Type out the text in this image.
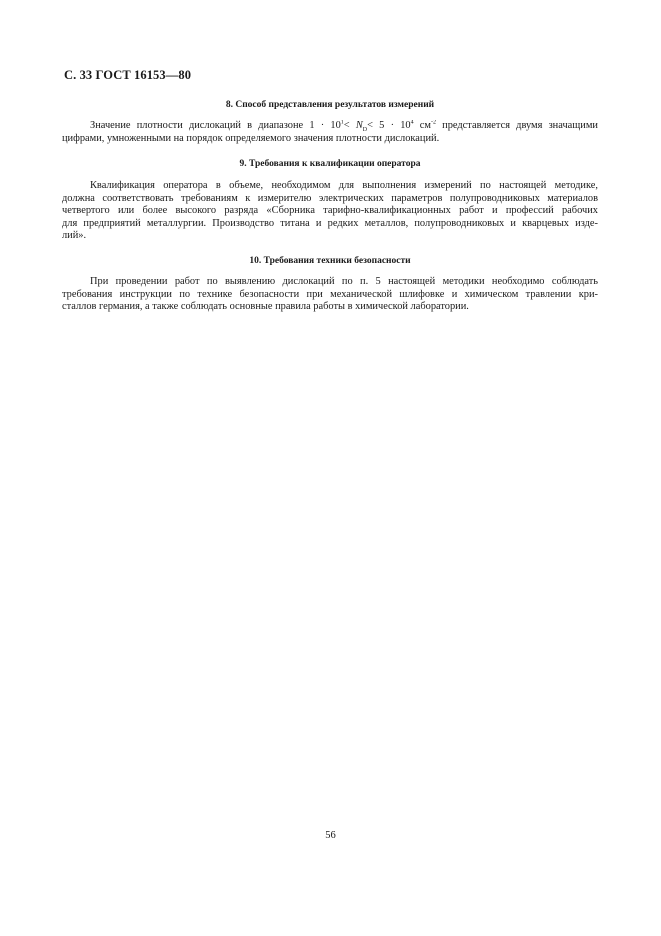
С. 33 ГОСТ 16153—80
8. Способ представления результатов измерений
Значение плотности дислокаций в диапазоне $1 \cdot 10^1< N_D< 5 \cdot 10^4$ $см^{-2}$ представляется двумя значащими
цифрами, умноженными на порядок определяемого значения плотности дислокаций.
9. Требования к квалификации оператора
Квалификация оператора в объеме, необходимом для выполнения измерений по настоящей методике,
должна соответствовать требованиям к измерителю электрических параметров полупроводниковых материалов
четвертого или более высокого разряда «Сборника тарифно-квалификационных работ и профессий рабочих
для предприятий металлургии. Производство титана и редких металлов, полупроводниковых и кварцевых изде-
лий».
10. Требования техники безопасности
При проведении работ по выявлению дислокаций по п. 5 настоящей методики необходимо соблюдать
требования инструкции по технике безопасности при механической шлифовке и химическом травлении кри-
сталлов германия, а также соблюдать основные правила работы в химической лаборатории.
56
